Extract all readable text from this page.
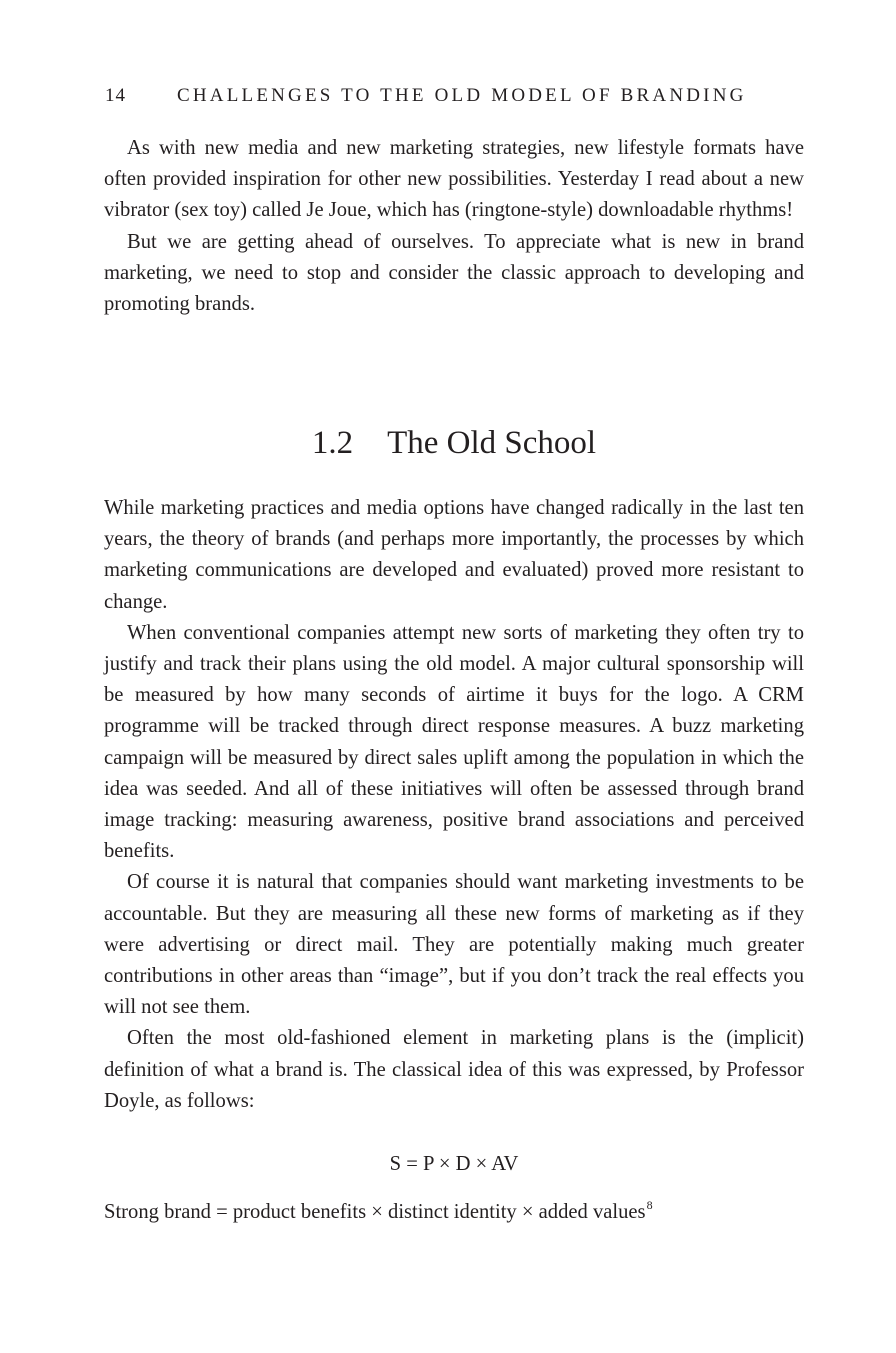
14	CHALLENGES TO THE OLD MODEL OF BRANDING

As with new media and new marketing strategies, new lifestyle formats have often provided inspiration for other new possibilities. Yesterday I read about a new vibrator (sex toy) called Je Joue, which has (ringtone-style) downloadable rhythms!

But we are getting ahead of ourselves. To appreciate what is new in brand marketing, we need to stop and consider the classic approach to developing and promoting brands.

1.2 The Old School

While marketing practices and media options have changed radically in the last ten years, the theory of brands (and perhaps more importantly, the processes by which marketing communications are developed and evaluated) proved more resistant to change.

When conventional companies attempt new sorts of marketing they often try to justify and track their plans using the old model. A major cultural sponsorship will be measured by how many seconds of airtime it buys for the logo. A CRM programme will be tracked through direct response measures. A buzz marketing campaign will be measured by direct sales uplift among the population in which the idea was seeded. And all of these initiatives will often be assessed through brand image tracking: measuring awareness, positive brand associations and perceived benefits.

Of course it is natural that companies should want marketing investments to be accountable. But they are measuring all these new forms of marketing as if they were advertising or direct mail. They are potentially making much greater contributions in other areas than “image”, but if you don’t track the real effects you will not see them.

Often the most old-fashioned element in marketing plans is the (implicit) definition of what a brand is. The classical idea of this was expressed, by Professor Doyle, as follows:

S = P × D × AV
Strong brand = product benefits × distinct identity × added values$^8$
